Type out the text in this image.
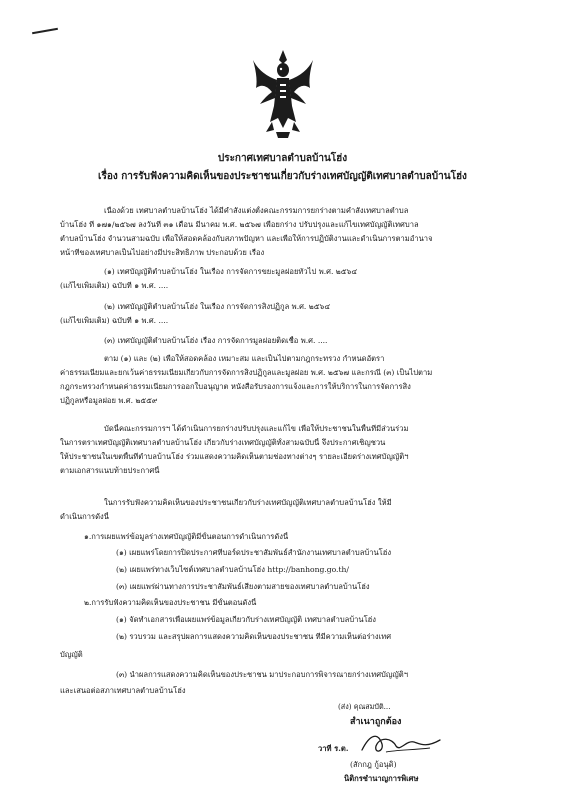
ประกาศเทศบาลตำบลบ้านโฮ่ง
เรื่อง การรับฟังความคิดเห็นของประชาชนเกี่ยวกับร่างเทศบัญญัติเทศบาลตำบลบ้านโฮ่ง
เนื่องด้วย เทศบาลตำบลบ้านโฮ่ง ได้มีคำสั่งแต่งตั้งคณะกรรมการยกร่างตามคำสั่งเทศบาลตำบล
บ้านโฮ่ง ที่ ๑๗๑/๒๕๖๗ ลงวันที่ ๓๑ เดือน มีนาคม พ.ศ. ๒๕๖๗ เพื่อยกร่าง ปรับปรุงและแก้ไขเทศบัญญัติเทศบาล
ตำบลบ้านโฮ่ง จำนวนสามฉบับ เพื่อให้สอดคล้องกับสภาพปัญหา และเพื่อให้การปฏิบัติงานและดำเนินการตามอำนาจ
หน้าที่ของเทศบาลเป็นไปอย่างมีประสิทธิภาพ ประกอบด้วย เรื่อง
(๑) เทศบัญญัติตำบลบ้านโฮ่ง ในเรื่อง การจัดการขยะมูลฝอยทั่วไป พ.ศ. ๒๕๖๔
(แก้ไขเพิ่มเติม) ฉบับที่ ๑ พ.ศ. ....
(๒) เทศบัญญัติตำบลบ้านโฮ่ง ในเรื่อง การจัดการสิ่งปฏิกูล พ.ศ. ๒๕๖๔
(แก้ไขเพิ่มเติม) ฉบับที่ ๑ พ.ศ. ....
(๓) เทศบัญญัติตำบลบ้านโฮ่ง เรื่อง การจัดการมูลฝอยติดเชื้อ พ.ศ. ....
ตาม (๑) และ (๒) เพื่อให้สอดคล้อง เหมาะสม และเป็นไปตามกฎกระทรวง กำหนดอัตรา
ค่าธรรมเนียมและยกเว้นค่าธรรมเนียมเกี่ยวกับการจัดการสิ่งปฏิกูลและมูลฝอย พ.ศ. ๒๕๖๗ และกรณี (๓) เป็นไปตาม
กฎกระทรวงกำหนดค่าธรรมเนียมการออกใบอนุญาต หนังสือรับรองการแจ้งและการให้บริการในการจัดการสิ่ง
ปฏิกูลหรือมูลฝอย พ.ศ. ๒๕๕๙
บัดนี้คณะกรรมการฯ ได้ดำเนินการยกร่างปรับปรุงและแก้ไข เพื่อให้ประชาชนในพื้นที่มีส่วนร่วม
ในการตราเทศบัญญัติเทศบาลตำบลบ้านโฮ่ง เกี่ยวกับร่างเทศบัญญัติทั้งสามฉบับนี้ จึงประกาศเชิญชวน
ให้ประชาชนในเขตพื้นที่ตำบลบ้านโฮ่ง ร่วมแสดงความคิดเห็นตามช่องทางต่างๆ รายละเอียดร่างเทศบัญญัติฯ
ตามเอกสารแนบท้ายประกาศนี้
ในการรับฟังความคิดเห็นของประชาชนเกี่ยวกับร่างเทศบัญญัติเทศบาลตำบลบ้านโฮ่ง ให้มี
ดำเนินการดังนี้
๑.การเผยแพร่ข้อมูลร่างเทศบัญญัติมีขั้นตอนการดำเนินการดังนี้
(๑) เผยแพร่โดยการปิดประกาศที่บอร์ดประชาสัมพันธ์สำนักงานเทศบาลตำบลบ้านโฮ่ง
(๒) เผยแพร่ทางเว็บไซต์เทศบาลตำบลบ้านโฮ่ง http://banhong.go.th/
(๓) เผยแพร่ผ่านทางการประชาสัมพันธ์เสียงตามสายของเทศบาลตำบลบ้านโฮ่ง
๒.การรับฟังความคิดเห็นของประชาชน มีขั้นตอนดังนี้
(๑) จัดทำเอกสารเพื่อเผยแพร่ข้อมูลเกี่ยวกับร่างเทศบัญญัติ เทศบาลตำบลบ้านโฮ่ง
(๒) รวบรวม และสรุปผลการแสดงความคิดเห็นของประชาชน ที่มีความเห็นต่อร่างเทศ
บัญญัติ
(๓) นำผลการแสดงความคิดเห็นของประชาชน มาประกอบการพิจารณายกร่างเทศบัญญัติฯ
และเสนอต่อสภาเทศบาลตำบลบ้านโฮ่ง
(ส่ง) คุณสมบัติ...
สำเนาถูกต้อง
วาที่ ร.ต.
(สักกฎ กู้อนุดิ)
นิติกรชำนาญการพิเศษ
